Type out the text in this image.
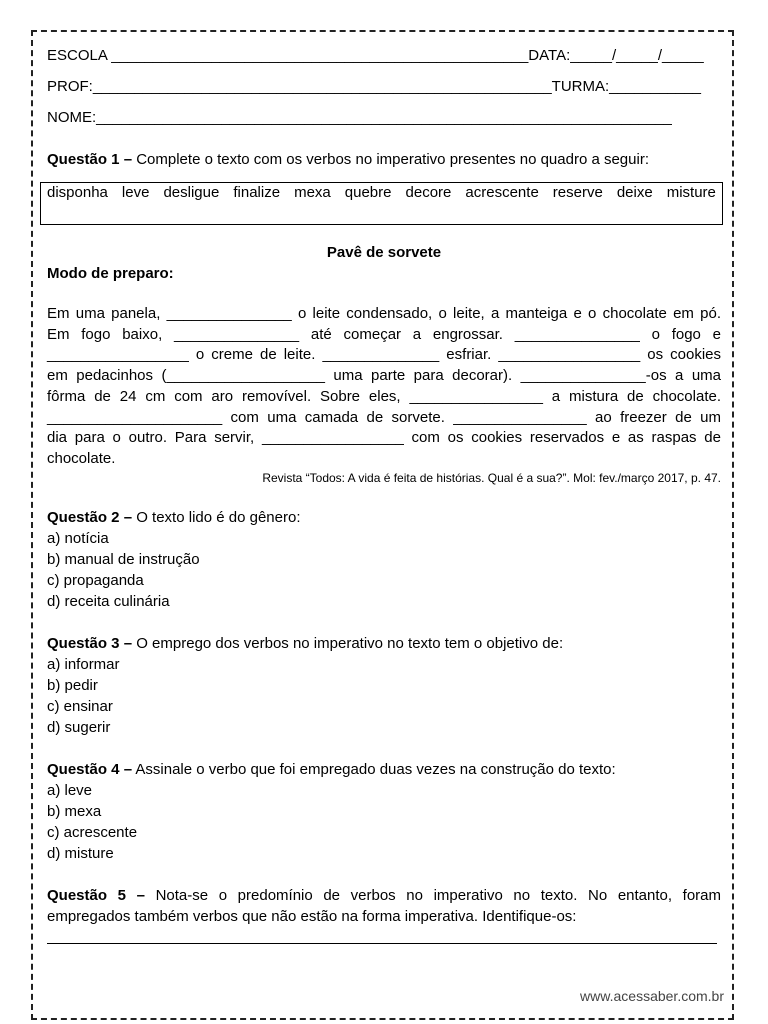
ESCOLA __________________________________________________DATA:_____/_____/_____
PROF:_______________________________________________________TURMA:___________
NOME:_____________________________________________________________________

Questão 1 – Complete o texto com os verbos no imperativo presentes no quadro a seguir:

disponha leve desligue finalize mexa quebre decore acrescente reserve deixe misture
Pavê de sorvete

Modo de preparo:

Em uma panela, _______________ o leite condensado, o leite, a manteiga e o chocolate em pó.
Em fogo baixo, _______________ até começar a engrossar. _______________ o fogo e
_________________ o creme de leite. ______________ esfriar. _________________ os cookies
em pedacinhos (___________________ uma parte para decorar). _______________-os a uma
fôrma de 24 cm com aro removível. Sobre eles, ________________ a mistura de chocolate.
_____________________ com uma camada de sorvete. ________________ ao freezer de um
dia para o outro. Para servir, _________________ com os cookies reservados e as raspas de
chocolate.
Revista “Todos: A vida é feita de histórias. Qual é a sua?”. Mol: fev./março 2017, p. 47.

Questão 2 – O texto lido é do gênero:

a) notícia
b) manual de instrução
c) propaganda
d) receita culinária

Questão 3 – O emprego dos verbos no imperativo no texto tem o objetivo de:

a) informar
b) pedir
c) ensinar
d) sugerir

Questão 4 – Assinale o verbo que foi empregado duas vezes na construção do texto:

a) leve
b) mexa
c) acrescente
d) misture
Questão 5 – Nota-se o predomínio de verbos no imperativo no texto. No entanto, foram
empregados também verbos que não estão na forma imperativa. Identifique-os:
www.acessaber.com.br
